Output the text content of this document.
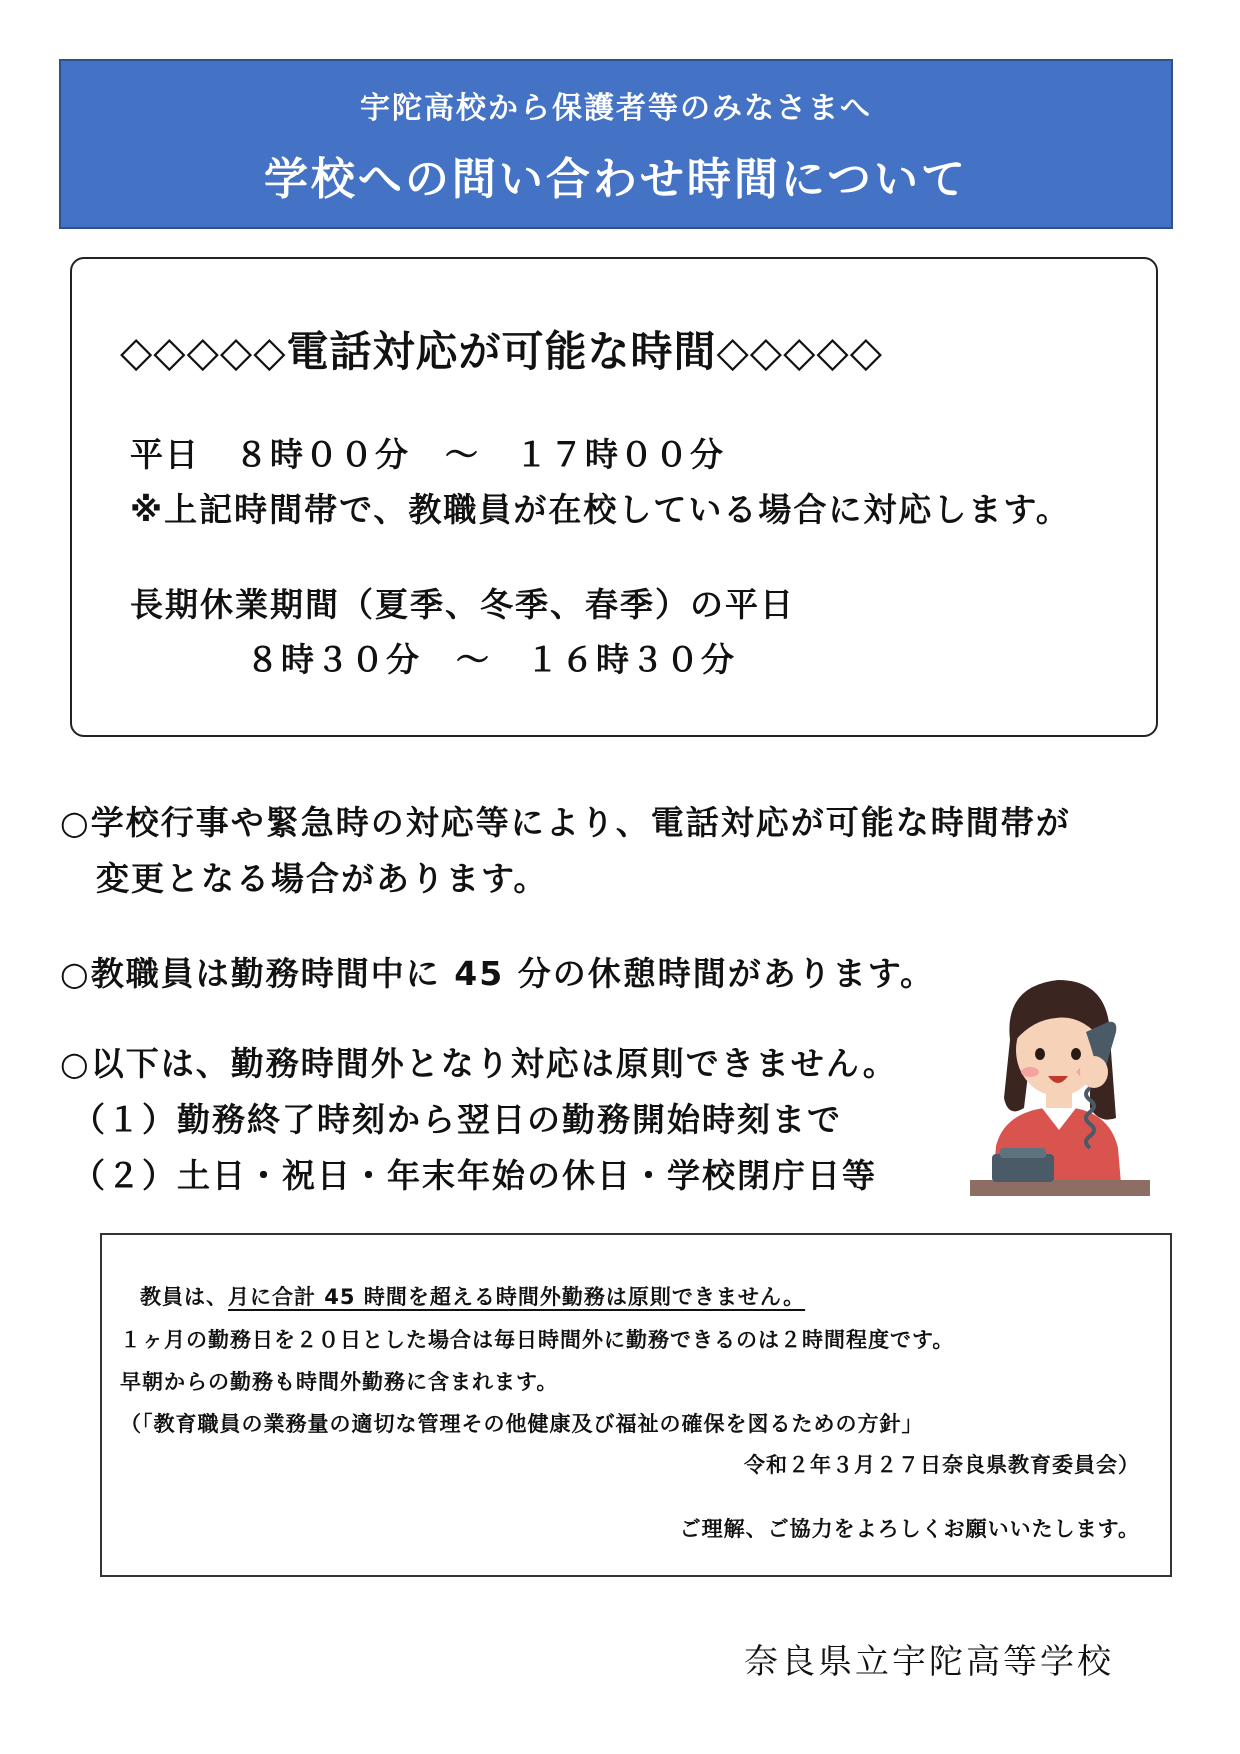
宇陀高校から保護者等のみなさまへ
学校への問い合わせ時間について
◇◇◇◇◇電話対応が可能な時間◇◇◇◇◇
平日　８時００分　～　１７時００分
※上記時間帯で、教職員が在校している場合に対応します。
長期休業期間（夏季、冬季、春季）の平日
８時３０分　～　１６時３０分
○学校行事や緊急時の対応等により、電話対応が可能な時間帯が
変更となる場合があります。
○教職員は勤務時間中に 45 分の休憩時間があります。
○以下は、勤務時間外となり対応は原則できません。
（１）勤務終了時刻から翌日の勤務開始時刻まで
（２）土日・祝日・年末年始の休日・学校閉庁日等
教員は、月に合計 45 時間を超える時間外勤務は原則できません。
１ヶ月の勤務日を２０日とした場合は毎日時間外に勤務できるのは２時間程度です。
早朝からの勤務も時間外勤務に含まれます。
（「教育職員の業務量の適切な管理その他健康及び福祉の確保を図るための方針」
令和２年３月２７日奈良県教育委員会）
ご理解、ご協力をよろしくお願いいたします。
奈良県立宇陀高等学校
